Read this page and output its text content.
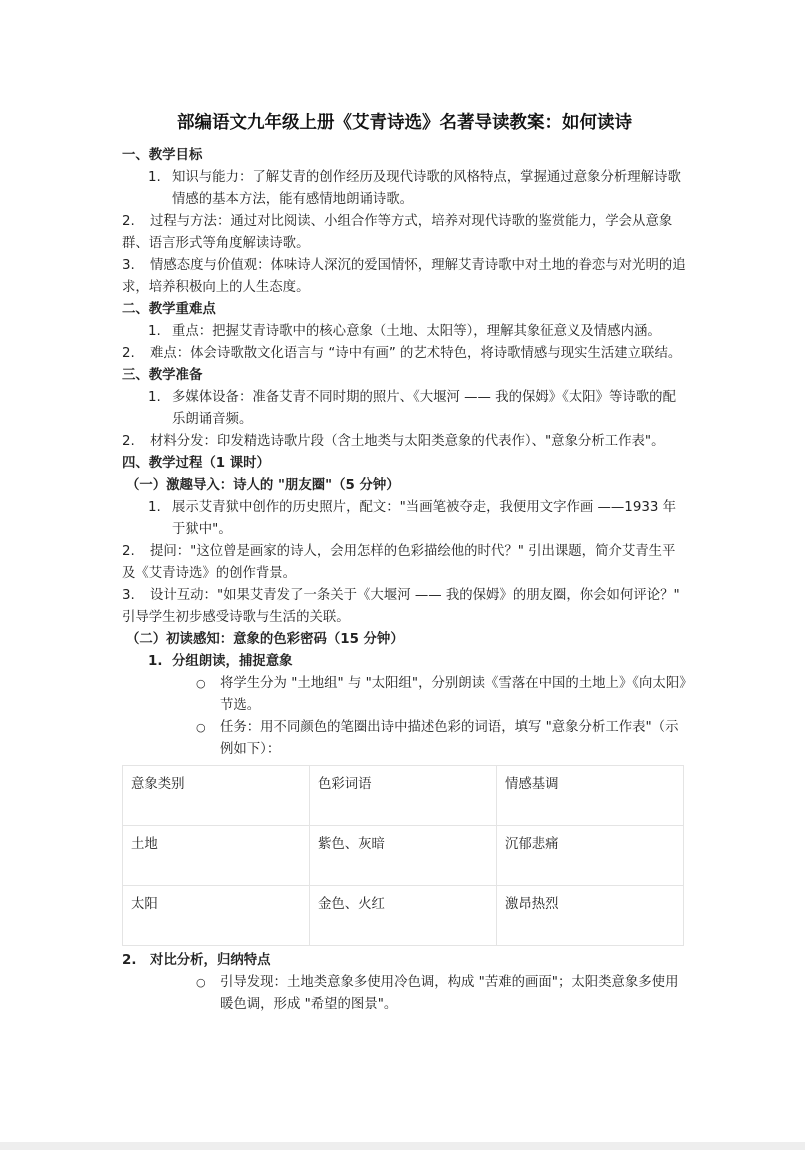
部编语文九年级上册《艾青诗选》名著导读教案：如何读诗
一、教学目标
1. 知识与能力：了解艾青的创作经历及现代诗歌的风格特点，掌握通过意象分析理解诗歌情感的基本方法，能有感情地朗诵诗歌。
2. 过程与方法：通过对比阅读、小组合作等方式，培养对现代诗歌的鉴赏能力，学会从意象群、语言形式等角度解读诗歌。
3. 情感态度与价值观：体味诗人深沉的爱国情怀，理解艾青诗歌中对土地的眷恋与对光明的追求，培养积极向上的人生态度。
二、教学重难点
1. 重点：把握艾青诗歌中的核心意象（土地、太阳等），理解其象征意义及情感内涵。
2. 难点：体会诗歌散文化语言与 “诗中有画” 的艺术特色，将诗歌情感与现实生活建立联结。
三、教学准备
1. 多媒体设备：准备艾青不同时期的照片、《大堰河 —— 我的保姆》《太阳》等诗歌的配乐朗诵音频。
2. 材料分发：印发精选诗歌片段（含土地类与太阳类意象的代表作）、"意象分析工作表"。
四、教学过程（1 课时）
（一）激趣导入：诗人的 "朋友圈"（5 分钟）
1. 展示艾青狱中创作的历史照片，配文："当画笔被夺走，我便用文字作画 ——1933 年于狱中"。
2. 提问："这位曾是画家的诗人，会用怎样的色彩描绘他的时代？" 引出课题，简介艾青生平及《艾青诗选》的创作背景。
3. 设计互动："如果艾青发了一条关于《大堰河 —— 我的保姆》的朋友圈，你会如何评论？" 引导学生初步感受诗歌与生活的关联。
（二）初读感知：意象的色彩密码（15 分钟）
1. 分组朗读，捕捉意象
○	将学生分为 "土地组" 与 "太阳组"，分别朗读《雪落在中国的土地上》《向太阳》节选。
○	任务：用不同颜色的笔圈出诗中描述色彩的词语，填写 "意象分析工作表"（示例如下）：
意象类别	色彩词语	情感基调
土地	紫色、灰暗	沉郁悲痛
太阳	金色、火红	激昂热烈
2.	对比分析，归纳特点
○	引导发现：土地类意象多使用冷色调，构成 "苦难的画面"；太阳类意象多使用暖色调，形成 "希望的图景"。
